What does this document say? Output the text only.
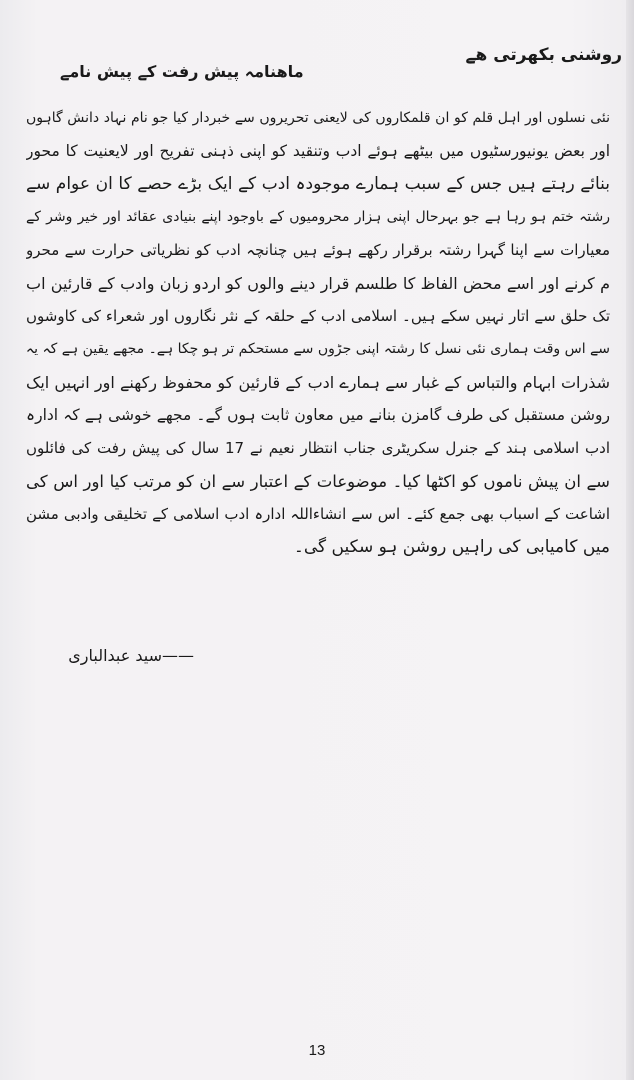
روشنی بکھرتی ھے
ماھنامہ پیش رفت کے پیش نامے
نئی نسلوں اور اہل قلم کو ان قلمکاروں کی لایعنی تحریروں سے خبردار کیا جو نام نہاد دانش گاہوں
اور بعض یونیورسٹیوں میں بیٹھے ہوئے ادب وتنقید کو اپنی ذہنی تفریح اور لایعنیت کا محور
بنائے رہتے ہیں جس کے سبب ہمارے موجودہ ادب کے ایک بڑے حصے کا ان عوام سے
رشتہ ختم ہو رہا ہے جو بہرحال اپنی ہزار محرومیوں کے باوجود اپنے بنیادی عقائد اور خیر وشر کے
معیارات سے اپنا گہرا رشتہ برقرار رکھے ہوئے ہیں چنانچہ ادب کو نظریاتی حرارت سے محرو
م کرنے اور اسے محض الفاظ کا طلسم قرار دینے والوں کو اردو زبان وادب کے قارئین اب
تک حلق سے اتار نہیں سکے ہیں۔ اسلامی ادب کے حلقہ کے نثر نگاروں اور شعراء کی کاوشوں
سے اس وقت ہماری نئی نسل کا رشتہ اپنی جڑوں سے مستحکم تر ہو چکا ہے۔ مجھے یقین ہے کہ یہ
شذرات ابہام والتباس کے غبار سے ہمارے ادب کے قارئین کو محفوظ رکھنے اور انہیں ایک
روشن مستقبل کی طرف گامزن بنانے میں معاون ثابت ہوں گے۔ مجھے خوشی ہے کہ ادارہ
ادب اسلامی ہند کے جنرل سکریٹری جناب انتظار نعیم نے 17 سال کی پیش رفت کی فائلوں
سے ان پیش ناموں کو اکٹھا کیا۔ موضوعات کے اعتبار سے ان کو مرتب کیا اور اس کی
اشاعت کے اسباب بھی جمع کئے۔ اس سے انشاءاللہ ادارہ ادب اسلامی کے تخلیقی وادبی مشن
میں کامیابی کی راہیں روشن ہو سکیں گی۔
——سید عبدالباری
13
